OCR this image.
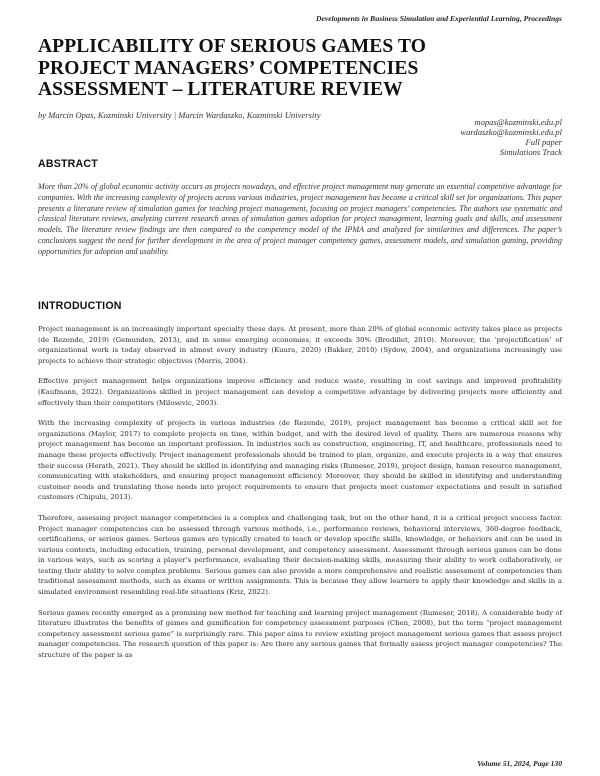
Developments in Business Simulation and Experiential Learning, Proceedings
APPLICABILITY OF SERIOUS GAMES TO PROJECT MANAGERS’ COMPETENCIES ASSESSMENT – LITERATURE REVIEW
by Marcin Opas, Kozminski University | Marcin Wardaszko, Kozminski University
mopas@kozminski.edu.pl
wardaszko@kozminski.edu.pl
Full paper
Simulations Track
ABSTRACT
More than 20% of global economic activity occurs as projects nowadays, and effective project management may generate an essential competitive advantage for companies. With the increasing complexity of projects across various industries, project management has become a critical skill set for organizations. This paper presents a literature review of simulation games for teaching project management, focusing on project managers’ competencies. The authors use systematic and classical literature reviews, analyzing current research areas of simulation games adoption for project management, learning goals and skills, and assessment models. The literature review findings are then compared to the competency model of the IPMA and analyzed for similarities and differences. The paper’s conclusions suggest the need for further development in the area of project manager competency games, assessment models, and simulation gaming, providing opportunities for adoption and usability.
INTRODUCTION

Project management is an increasingly important specialty these days. At present, more than 20% of global economic activity takes place as projects (de Rezende, 2019) (Gemunden, 2013), and in some emerging economies, it exceeds 30% (Bredillet, 2010). Moreover, the ‘projectification’ of organizational work is today observed in almost every industry (Kuura, 2020) (Bakker, 2010) (Sydow, 2004), and organizations increasingly use projects to achieve their strategic objectives (Morris, 2004).

Effective project management helps organizations improve efficiency and reduce waste, resulting in cost savings and improved profitability (Kaufmann, 2022). Organizations skilled in project management can develop a competitive advantage by delivering projects more efficiently and effectively than their competitors (Milosevic, 2003).

With the increasing complexity of projects in various industries (de Rezende, 2019), project management has become a critical skill set for organizations (Maylor, 2017) to complete projects on time, within budget, and with the desired level of quality. There are numerous reasons why project management has become an important profession. In industries such as construction, engineering, IT, and healthcare, professionals need to manage these projects effectively. Project management professionals should be trained to plan, organize, and execute projects in a way that ensures their success (Herath, 2021). They should be skilled in identifying and managing risks (Rumeser, 2019), project design, human resource management, communicating with stakeholders, and ensuring project management efficiency. Moreover, they should be skilled in identifying and understanding customer needs and translating those needs into project requirements to ensure that projects meet customer expectations and result in satisfied customers (Chipulu, 2013).

Therefore, assessing project manager competencies is a complex and challenging task, but on the other hand, it is a critical project success factor. Project manager competencies can be assessed through various methods, i.e., performance reviews, behavioral interviews, 360-degree feedback, certifications, or serious games. Serious games are typically created to teach or develop specific skills, knowledge, or behaviors and can be used in various contexts, including education, training, personal development, and competency assessment. Assessment through serious games can be done in various ways, such as scoring a player’s performance, evaluating their decision-making skills, measuring their ability to work collaboratively, or testing their ability to solve complex problems. Serious games can also provide a more comprehensive and realistic assessment of competencies than traditional assessment methods, such as exams or written assignments. This is because they allow learners to apply their knowledge and skills in a simulated environment resembling real-life situations (Kriz, 2022).

Serious games recently emerged as a promising new method for teaching and learning project management (Rumeser, 2018). A considerable body of literature illustrates the benefits of games and gamification for competency assessment purposes (Chen, 2008), but the term “project management competency assessment serious game” is surprisingly rare. This paper aims to review existing project management serious games that assess project manager competencies. The research question of this paper is: Are there any serious games that formally assess project manager competencies? The structure of the paper is as

Volume 51, 2024, Page 130
